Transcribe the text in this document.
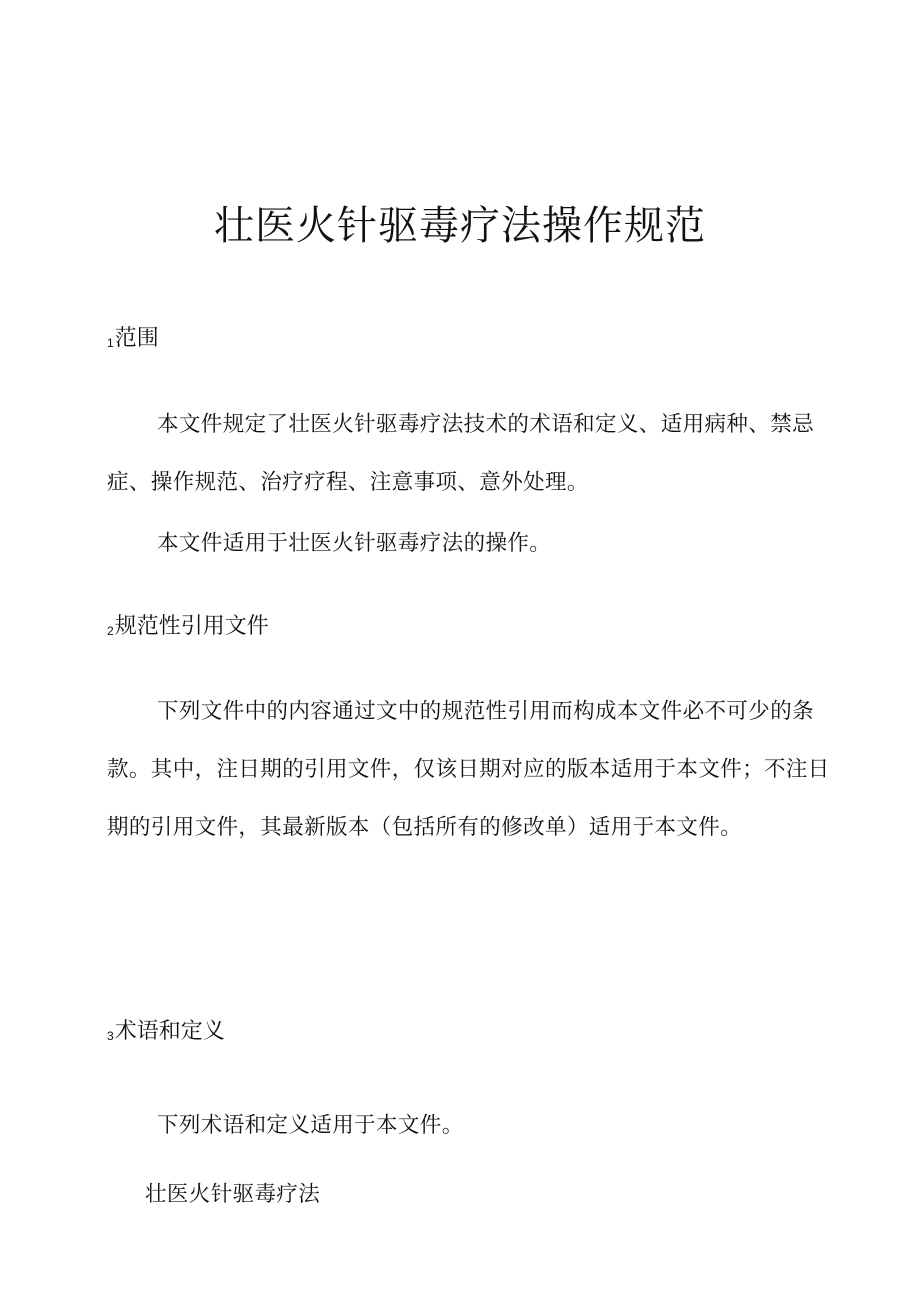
壮医火针驱毒疗法操作规范
1范围

本文件规定了壮医火针驱毒疗法技术的术语和定义、适用病种、禁忌症、操作规范、治疗疗程、注意事项、意外处理。

本文件适用于壮医火针驱毒疗法的操作。

2规范性引用文件

下列文件中的内容通过文中的规范性引用而构成本文件必不可少的条款。其中，注日期的引用文件，仅该日期对应的版本适用于本文件；不注日期的引用文件，其最新版本（包括所有的修改单）适用于本文件。

3术语和定义

下列术语和定义适用于本文件。

壮医火针驱毒疗法
